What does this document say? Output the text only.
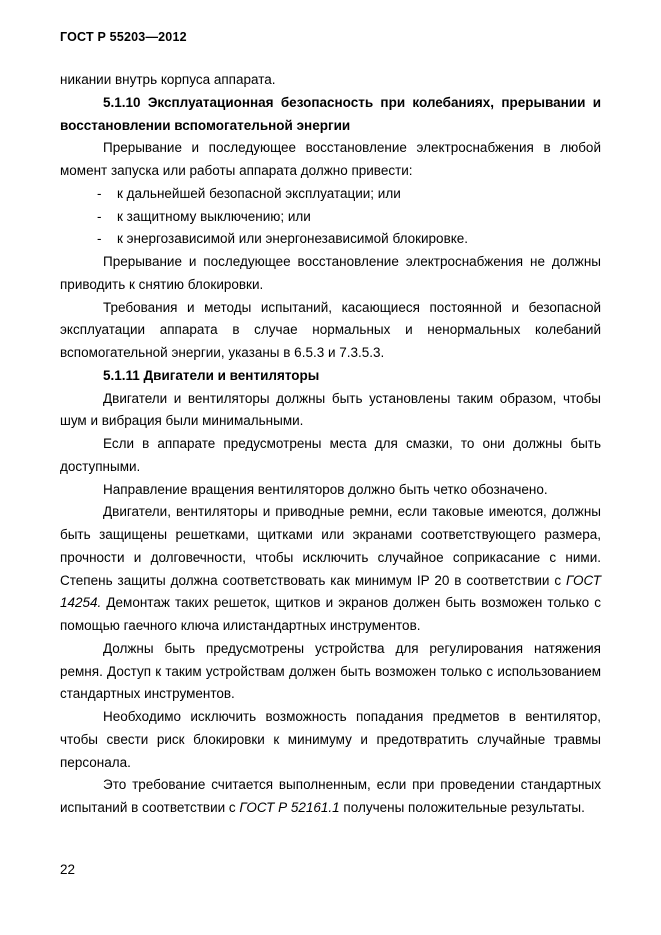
ГОСТ Р 55203—2012

никании внутрь корпуса аппарата.

5.1.10 Эксплуатационная безопасность при колебаниях, прерывании и восстановлении вспомогательной энергии

Прерывание и последующее восстановление электроснабжения в любой момент запуска или работы аппарата должно привести:

- к дальнейшей безопасной эксплуатации; или

- к защитному выключению; или

- к энергозависимой или энергонезависимой блокировке.

Прерывание и последующее восстановление электроснабжения не должны приводить к снятию блокировки.

Требования и методы испытаний, касающиеся постоянной и безопасной эксплуатации аппарата в случае нормальных и ненормальных колебаний вспомогательной энергии, указаны в 6.5.3 и 7.3.5.3.

5.1.11 Двигатели и вентиляторы

Двигатели и вентиляторы должны быть установлены таким образом, чтобы шум и вибрация были минимальными.

Если в аппарате предусмотрены места для смазки, то они должны быть доступными.

Направление вращения вентиляторов должно быть четко обозначено.

Двигатели, вентиляторы и приводные ремни, если таковые имеются, должны быть защищены решетками, щитками или экранами соответствующего размера, прочности и долговечности, чтобы исключить случайное соприкасание с ними. Степень защиты должна соответствовать как минимум IP 20 в соответствии с ГОСТ 14254. Демонтаж таких решеток, щитков и экранов должен быть возможен только с помощью гаечного ключа илистандартных инструментов.

Должны быть предусмотрены устройства для регулирования натяжения ремня. Доступ к таким устройствам должен быть возможен только с использованием стандартных инструментов.

Необходимо исключить возможность попадания предметов в вентилятор, чтобы свести риск блокировки к минимуму и предотвратить случайные травмы персонала.

Это требование считается выполненным, если при проведении стандартных испытаний в соответствии с ГОСТ Р 52161.1 получены положительные результаты.

22
